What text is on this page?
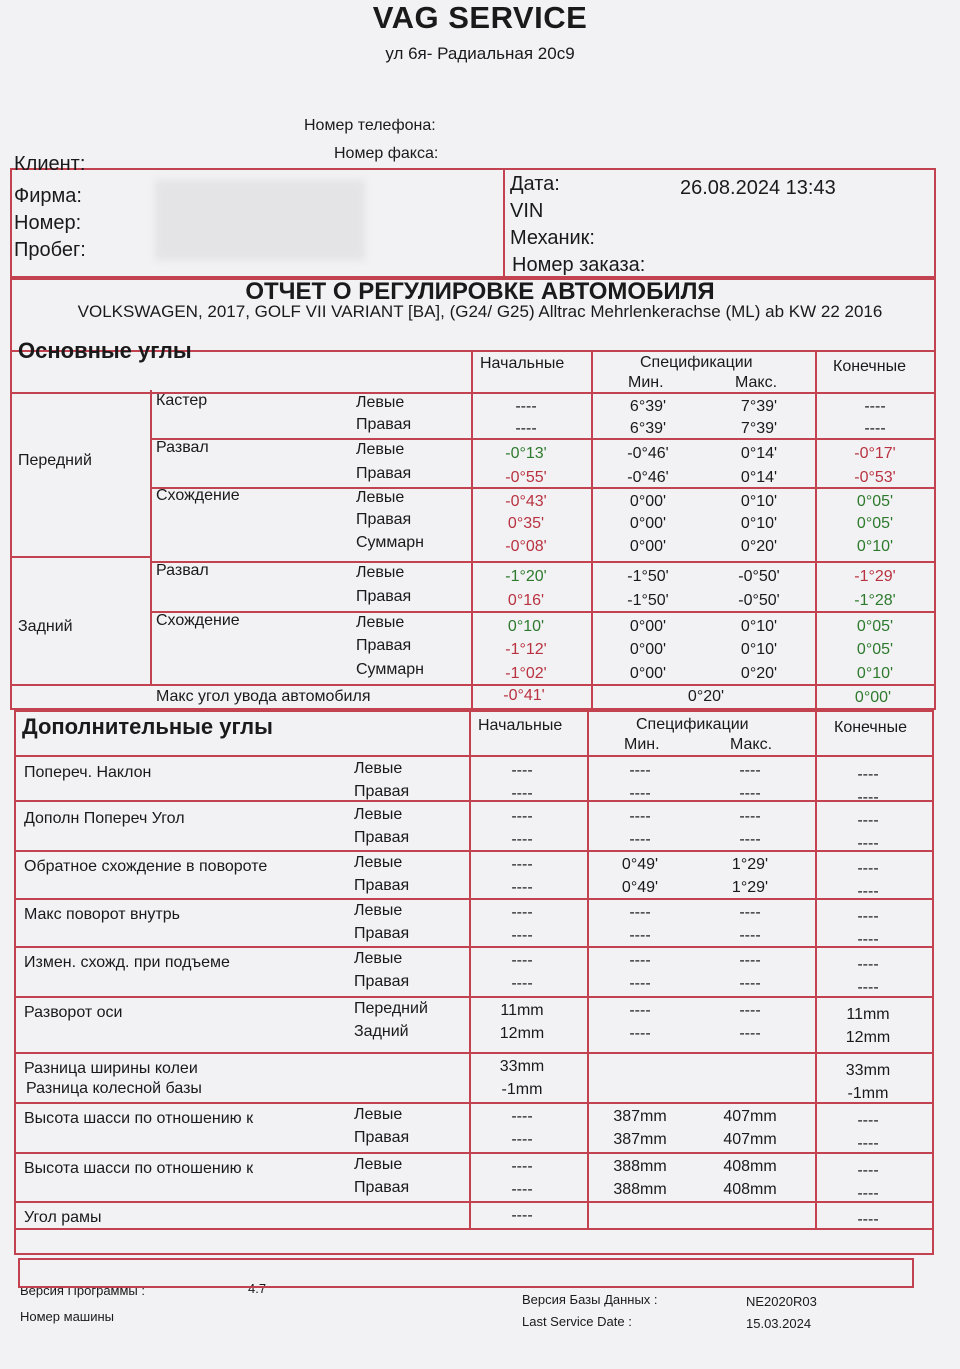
VAG SERVICE
ул 6я- Радиальная 20с9
Номер телефона:
Номер факса:
Клиент:
Фирма:
Номер:
Пробег:
Дата:	26.08.2024 13:43
VIN
Механик:
Номер заказа:
ОТЧЕТ О РЕГУЛИРОВКЕ АВТОМОБИЛЯ
VOLKSWAGEN, 2017, GOLF VII VARIANT [BA], (G24/ G25) Alltrac Mehrlenkerachse (ML) ab KW 22 2016
Версия Программы :	4.7
Номер машины
Версия Базы Данных :	NE2020R03
Last Service Date :	15.03.2024
Основные углы
Начальные	Спецификации
Мин.	Макс.
Конечные
Передний
Задний
Кастер	Левые	----	6°39'	7°39'	----
Правая	----	6°39'	7°39'	----
Развал	Левые	-0°13'	-0°46'	0°14'	-0°17'
Правая	-0°55'	-0°46'	0°14'	-0°53'
Схождение	Левые	-0°43'	0°00'	0°10'	0°05'
Правая	0°35'	0°00'	0°10'	0°05'
Суммарн	-0°08'	0°00'	0°20'	0°10'
Развал	Левые	-1°20'	-1°50'	-0°50'	-1°29'
Правая	0°16'	-1°50'	-0°50'	-1°28'
Схождение	Левые	0°10'	0°00'	0°10'	0°05'
Правая	-1°12'	0°00'	0°10'	0°05'
Суммарн	-1°02'	0°00'	0°20'	0°10'
Макс угол увода автомобиля	-0°41'	0°20'	0°00'
Дополнительные углы	Начальные	Спецификации
Мин.	Макс.
Конечные
Попереч. Наклон	Левые	----	----	----	----
Правая	----	----	----	----
Дополн Попереч Угол	Левые	----	----	----	----
Правая	----	----	----	----
Обратное схождение в повороте	Левые	----	0°49'	1°29'	----
Правая	----	0°49'	1°29'	----
Макс поворот внутрь	Левые	----	----	----	----
Правая	----	----	----	----
Измен. схожд. при подъеме	Левые	----	----	----	----
Правая	----	----	----	----
Разворот оси	Передний	11mm	----	----	11mm
Задний	12mm	----	----	12mm
Разница ширины колеи
Разница колесной базы
33mm	33mm
-1mm	-1mm
Высота шасси по отношению к	Левые	----	387mm	407mm	----
Правая	----	387mm	407mm	----
Высота шасси по отношению к	Левые	----	388mm	408mm	----
Правая	----	388mm	408mm	----
Угол рамы	----	----
